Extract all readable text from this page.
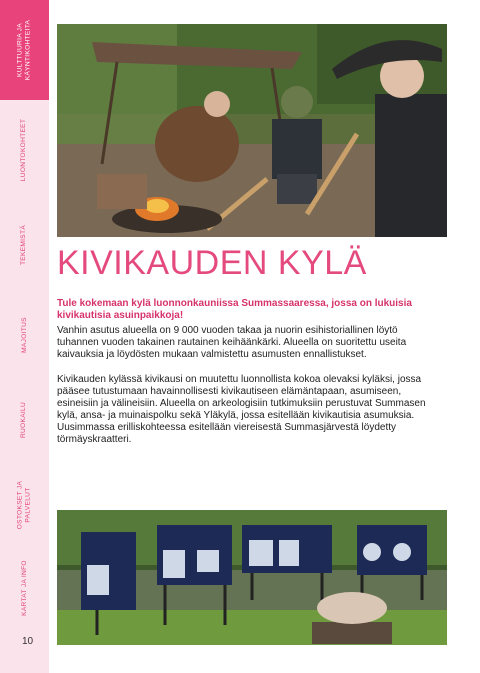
KULTTUURIA JA
KÄYNTIKOHTEITA
LUONTOKOHTEET
TEKEMISTÄ
MAJOITUS
RUOKAILU
OSTOKSET JA
PALVELUT
KARTAT JA INFO
10
KIVIKAUDEN KYLÄ

Tule kokemaan kylä luonnonkauniissa Summassaaressa, jossa on lukuisia kivikautisia asuinpaikkoja!

Vanhin asutus alueella on 9 000 vuoden takaa ja nuorin esihistoriallinen löytö tuhannen vuoden takainen rautainen keihäänkärki. Alueella on suoritettu useita kaivauksia ja löydösten mukaan valmistettu asumusten ennallistukset.

Kivikauden kylässä kivikausi on muutettu luonnollista kokoa olevaksi kyläksi, jossa pääsee tutustumaan havainnollisesti kivikautiseen elämäntapaan, asumiseen, esineisiin ja välineisiin. Alueella on arkeologisiin tutkimuksiin perustuvat Summasen kylä, ansa- ja muinaispolku sekä Yläkylä, jossa esitellään kivikautisia asumuksia. Uusimmassa erilliskohteessa esitellään viereisestä Summasjärvestä löydetty törmäyskraatteri.
